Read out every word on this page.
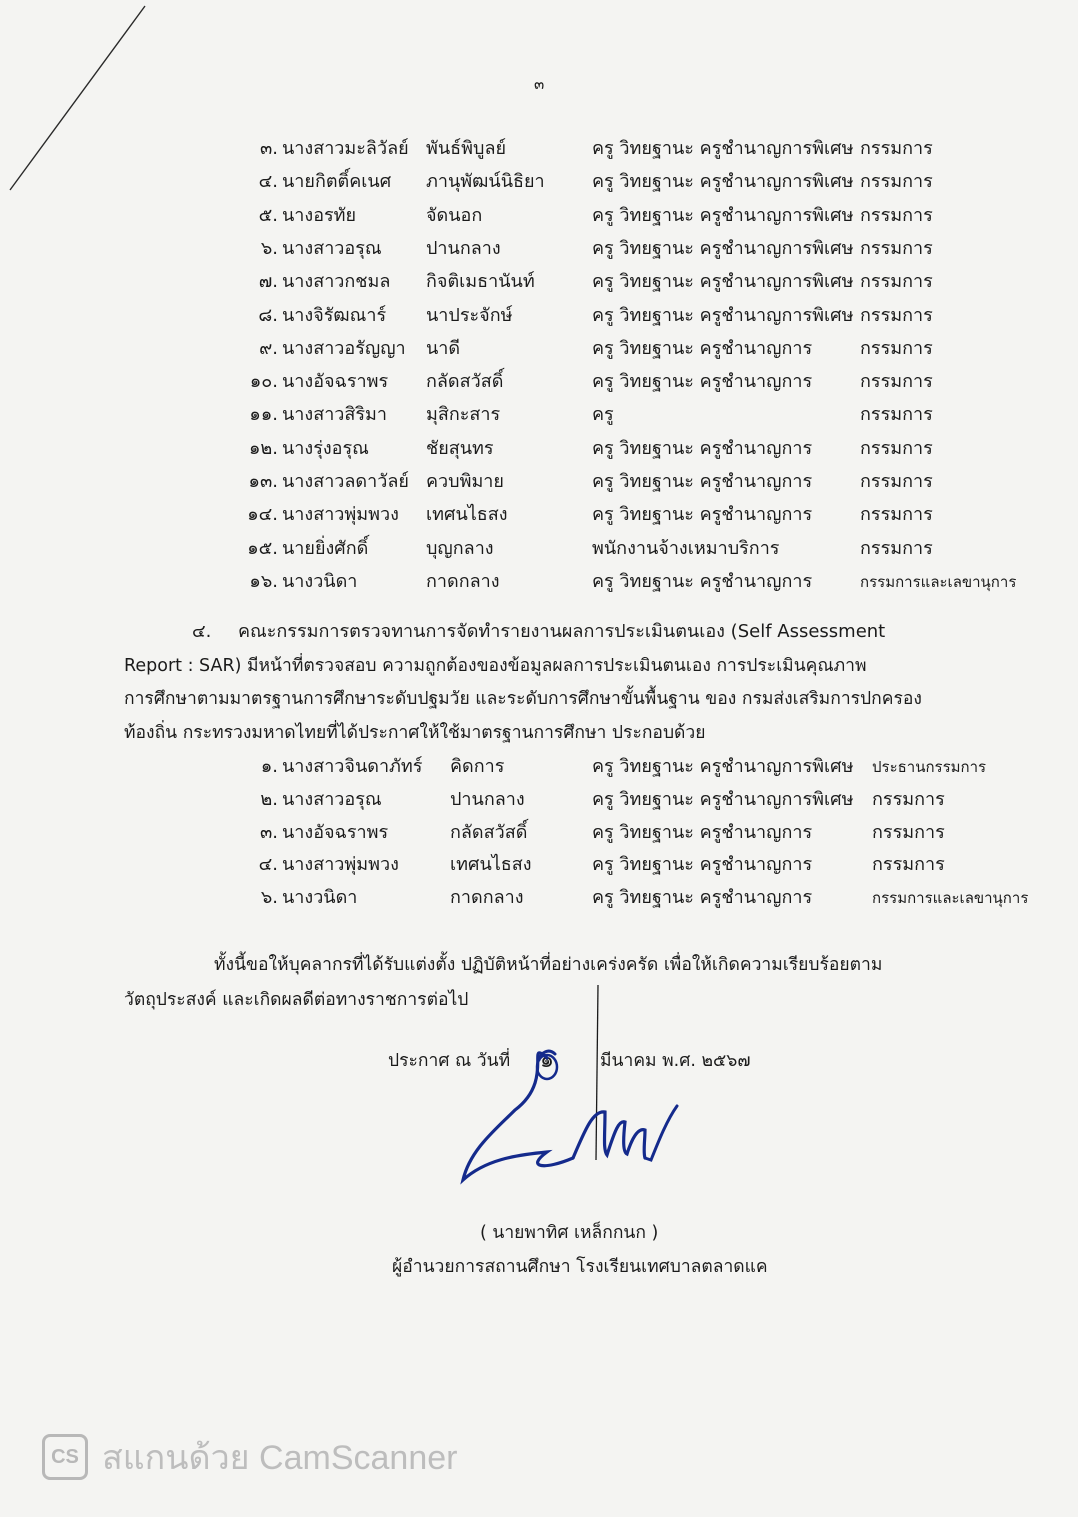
๓
๓. นางสาวมะลิวัลย์ พันธ์พิบูลย์	ครู วิทยฐานะ ครูชำนาญการพิเศษ กรรมการ
๔. นายกิตติ์คเนศ ภานุพัฒน์นิธิยา	ครู วิทยฐานะ ครูชำนาญการพิเศษ กรรมการ
๕. นางอรทัย	จัดนอก	ครู วิทยฐานะ ครูชำนาญการพิเศษ กรรมการ
๖. นางสาวอรุณ ปานกลาง	ครู วิทยฐานะ ครูชำนาญการพิเศษ กรรมการ
๗. นางสาวกชมล กิจติเมธานันท์	ครู วิทยฐานะ ครูชำนาญการพิเศษ กรรมการ
๘. นางจิรัฒณาร์ นาประจักษ์	ครู วิทยฐานะ ครูชำนาญการพิเศษ กรรมการ
๙. นางสาวอรัญญา นาดี	ครู วิทยฐานะ ครูชำนาญการ	กรรมการ
๑๐. นางอัจฉราพร กลัดสวัสดิ์	ครู วิทยฐานะ ครูชำนาญการ	กรรมการ
๑๑. นางสาวสิริมา มุสิกะสาร	ครู	กรรมการ
๑๒. นางรุ่งอรุณ	ชัยสุนทร	ครู วิทยฐานะ ครูชำนาญการ	กรรมการ
๑๓. นางสาวลดาวัลย์ ควบพิมาย	ครู วิทยฐานะ ครูชำนาญการ	กรรมการ
๑๔. นางสาวพุ่มพวง เทศนไธสง	ครู วิทยฐานะ ครูชำนาญการ	กรรมการ
๑๕. นายยิ่งศักดิ์	บุญกลาง	พนักงานจ้างเหมาบริการ	กรรมการ
๑๖. นางวนิดา	กาดกลาง	ครู วิทยฐานะ ครูชำนาญการ	กรรมการและเลขานุการ
๔. คณะกรรมการตรวจทานการจัดทำรายงานผลการประเมินตนเอง (Self Assessment
Report : SAR) มีหน้าที่ตรวจสอบ ความถูกต้องของข้อมูลผลการประเมินตนเอง การประเมินคุณภาพ
การศึกษาตามมาตรฐานการศึกษาระดับปฐมวัย และระดับการศึกษาขั้นพื้นฐาน ของ กรมส่งเสริมการปกครอง
ท้องถิ่น กระทรวงมหาดไทยที่ได้ประกาศให้ใช้มาตรฐานการศึกษา ประกอบด้วย
๑. นางสาวจินดาภัทร์ คิดการ	ครู วิทยฐานะ ครูชำนาญการพิเศษ ประธานกรรมการ
๒. นางสาวอรุณ	ปานกลาง	ครู วิทยฐานะ ครูชำนาญการพิเศษ กรรมการ
๓. นางอัจฉราพร	กลัดสวัสดิ์	ครู วิทยฐานะ ครูชำนาญการ	กรรมการ
๔. นางสาวพุ่มพวง	เทศนไธสง	ครู วิทยฐานะ ครูชำนาญการ	กรรมการ
๖. นางวนิดา	กาดกลาง	ครู วิทยฐานะ ครูชำนาญการ	กรรมการและเลขานุการ
ทั้งนี้ขอให้บุคลากรที่ได้รับแต่งตั้ง ปฏิบัติหน้าที่อย่างเคร่งครัด เพื่อให้เกิดความเรียบร้อยตาม
วัตถุประสงค์ และเกิดผลดีต่อทางราชการต่อไป
ประกาศ ณ วันที่ ๑	มีนาคม พ.ศ. ๒๕๖๗
( นายพาทิศ เหล็กกนก )
ผู้อำนวยการสถานศึกษา โรงเรียนเทศบาลตลาดแค
CS สแกนด้วย CamScanner
